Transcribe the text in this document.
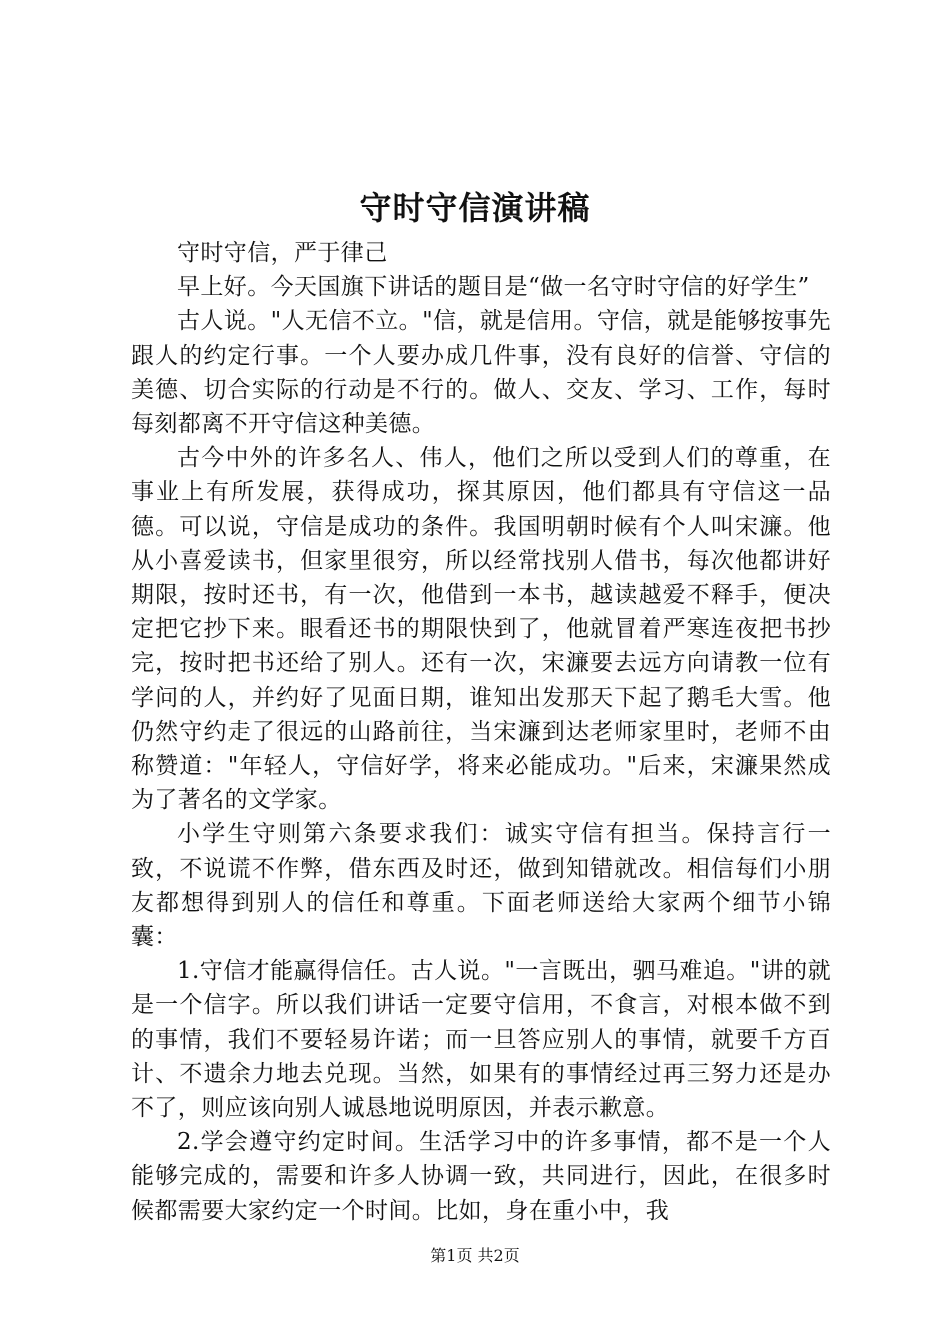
守时守信演讲稿

守时守信，严于律己

早上好。今天国旗下讲话的题目是“做一名守时守信的好学生”

古人说。"人无信不立。"信，就是信用。守信，就是能够按事先跟人的约定行事。一个人要办成几件事，没有良好的信誉、守信的美德、切合实际的行动是不行的。做人、交友、学习、工作，每时每刻都离不开守信这种美德。

古今中外的许多名人、伟人，他们之所以受到人们的尊重，在事业上有所发展，获得成功，探其原因，他们都具有守信这一品德。可以说，守信是成功的条件。我国明朝时候有个人叫宋濂。他从小喜爱读书，但家里很穷，所以经常找别人借书，每次他都讲好期限，按时还书，有一次，他借到一本书，越读越爱不释手，便决定把它抄下来。眼看还书的期限快到了，他就冒着严寒连夜把书抄完，按时把书还给了别人。还有一次，宋濂要去远方向请教一位有学问的人，并约好了见面日期，谁知出发那天下起了鹅毛大雪。他仍然守约走了很远的山路前往，当宋濂到达老师家里时，老师不由称赞道："年轻人，守信好学，将来必能成功。"后来，宋濂果然成为了著名的文学家。

小学生守则第六条要求我们：诚实守信有担当。保持言行一致，不说谎不作弊，借东西及时还，做到知错就改。相信每们小朋友都想得到别人的信任和尊重。下面老师送给大家两个细节小锦囊：

1.守信才能赢得信任。古人说。"一言既出，驷马难追。"讲的就是一个信字。所以我们讲话一定要守信用，不食言，对根本做不到的事情，我们不要轻易许诺；而一旦答应别人的事情，就要千方百计、不遗余力地去兑现。当然，如果有的事情经过再三努力还是办不了，则应该向别人诚恳地说明原因，并表示歉意。

2.学会遵守约定时间。生活学习中的许多事情，都不是一个人能够完成的，需要和许多人协调一致，共同进行，因此，在很多时候都需要大家约定一个时间。比如，身在重小中，我

第1页 共2页
